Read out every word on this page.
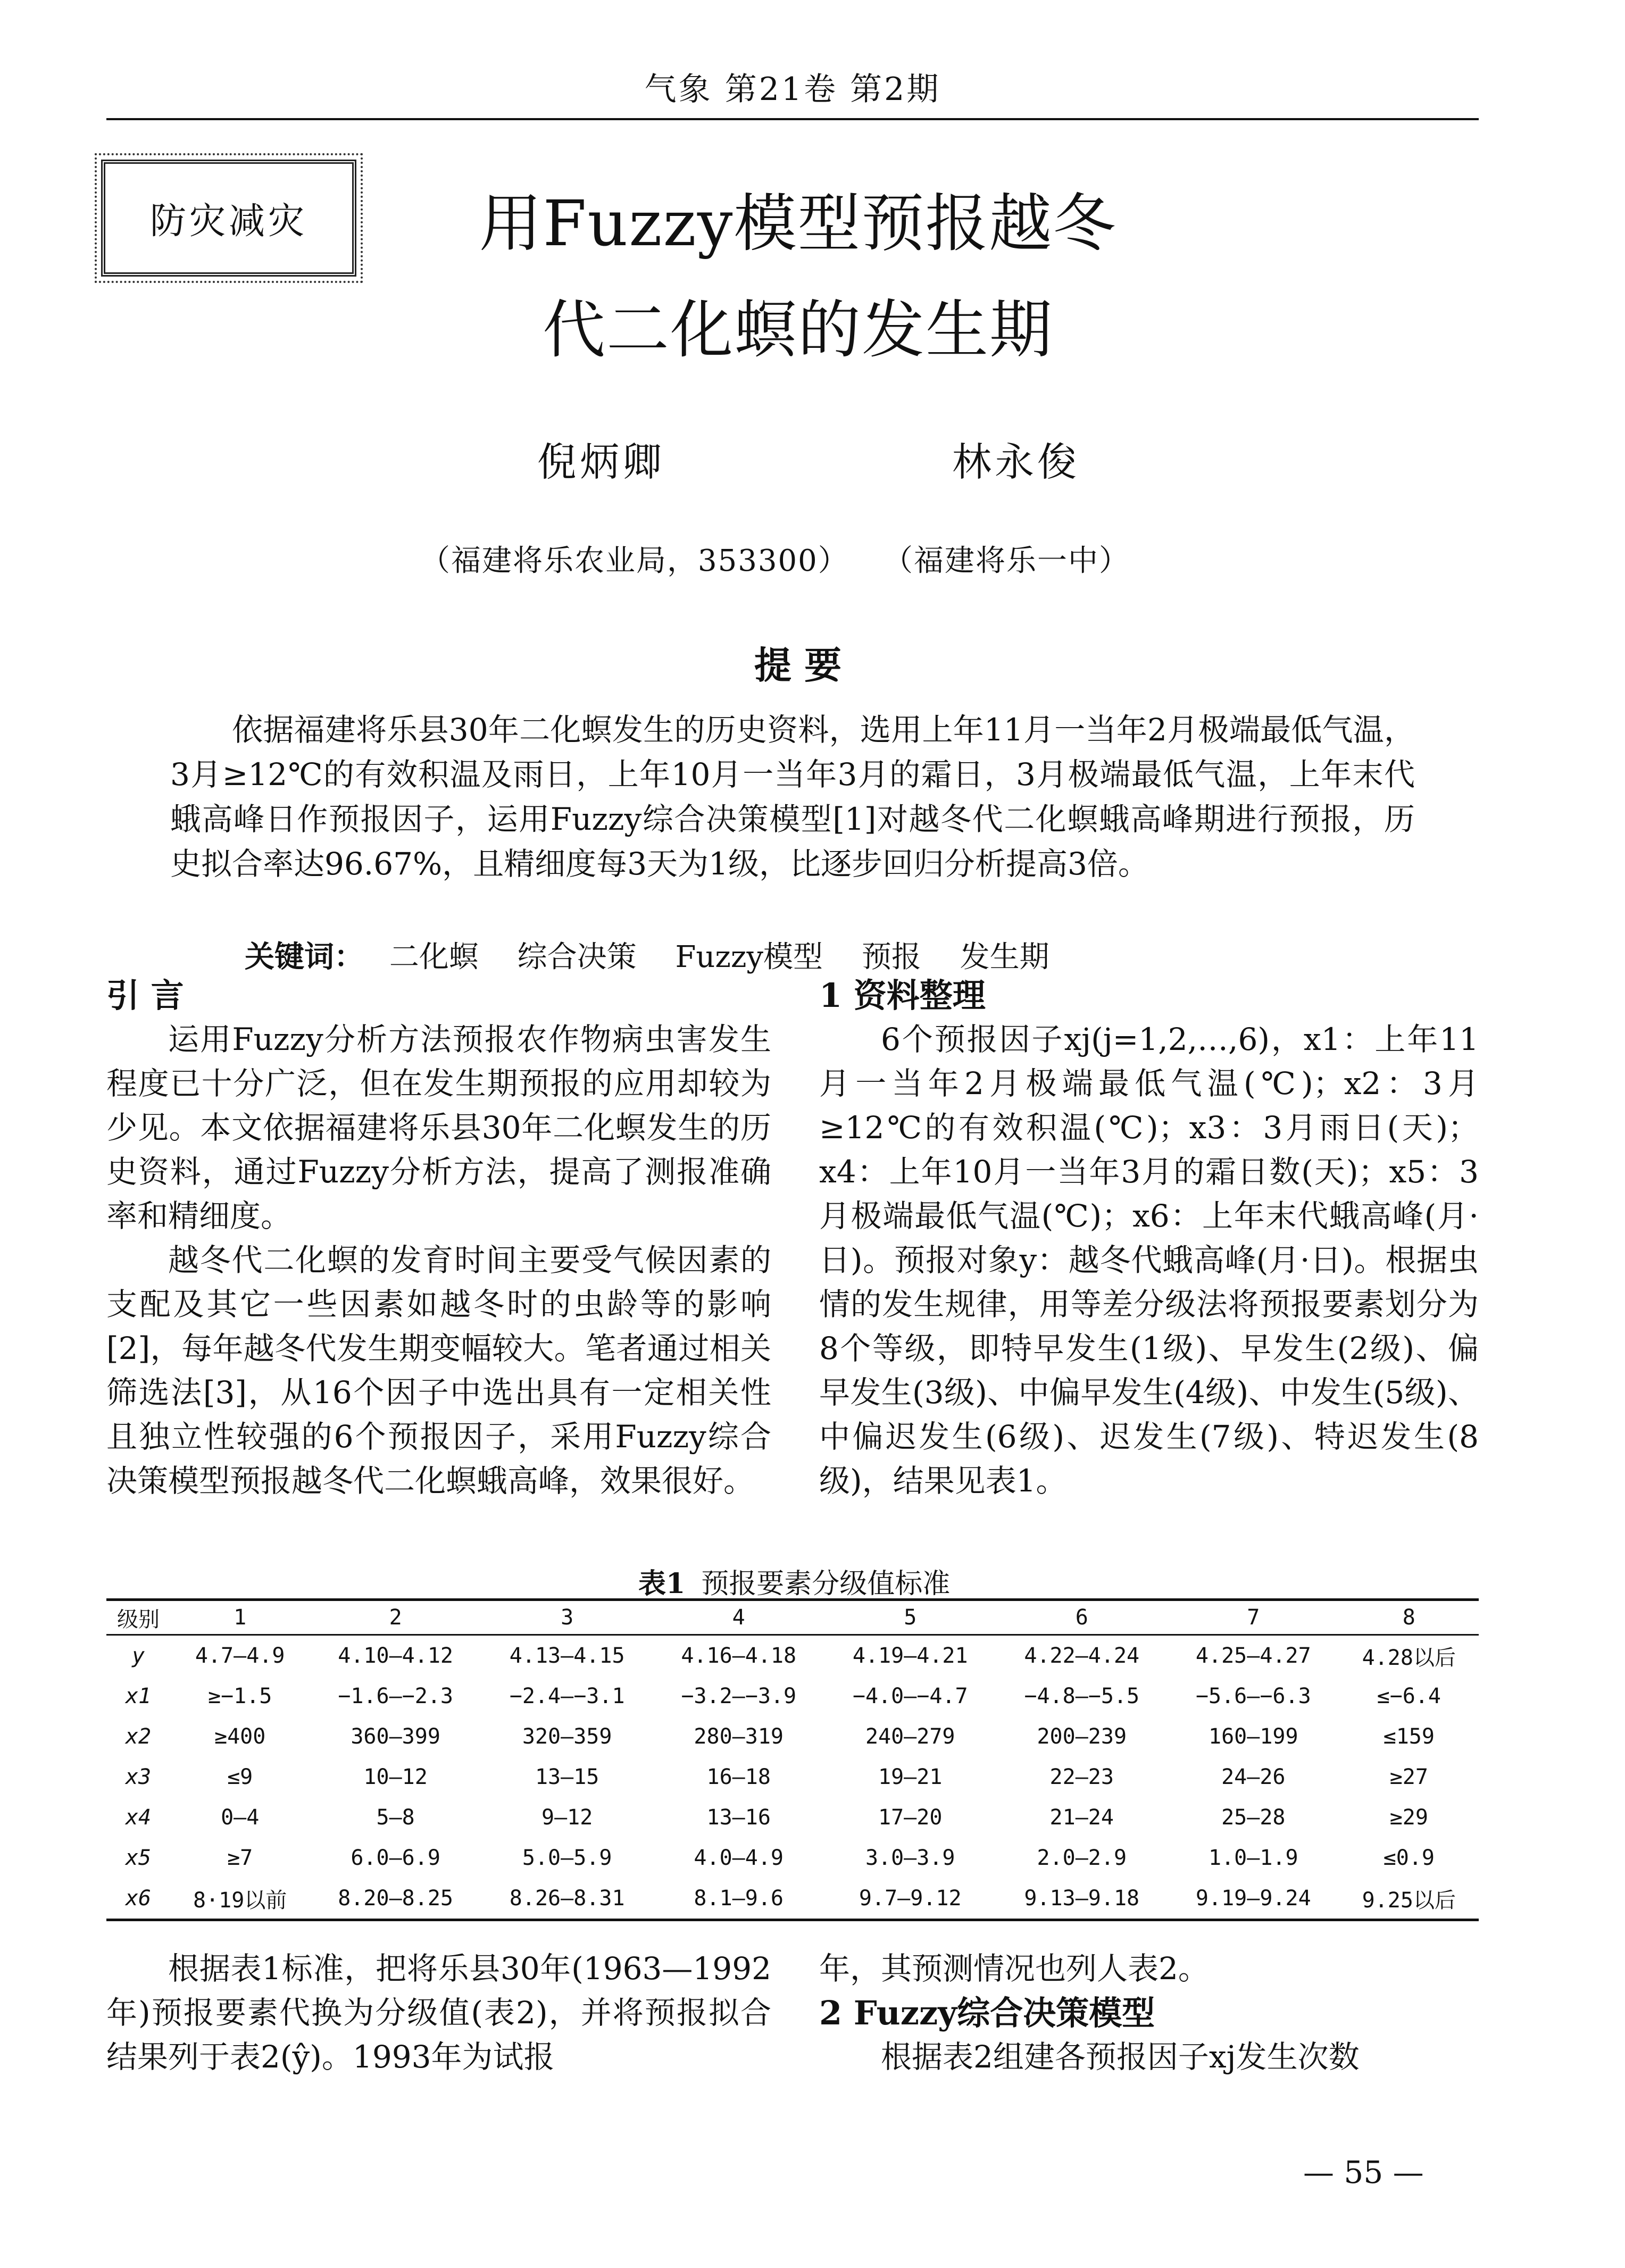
气象 第21卷 第2期
防灾减灾	用Fuzzy模型预报越冬
代二化螟的发生期
倪炳卿	林永俊
（福建将乐农业局，353300） （福建将乐一中）
提 要
依据福建将乐县30年二化螟发生的历史资料，选用上年11月一当年2月极端最低气温，3月≥12℃的有效积温及雨日，上年10月一当年3月的霜日，3月极端最低气温，上年末代蛾高峰日作预报因子，运用Fuzzy综合决策模型[1]对越冬代二化螟蛾高峰期进行预报，历史拟合率达96.67%，且精细度每3天为1级，比逐步回归分析提高3倍。
关键词： 二化螟 综合决策 Fuzzy模型 预报 发生期

引 言

运用Fuzzy分析方法预报农作物病虫害发生程度已十分广泛，但在发生期预报的应用却较为少见。本文依据福建将乐县30年二化螟发生的历史资料，通过Fuzzy分析方法，提高了测报准确率和精细度。

越冬代二化螟的发育时间主要受气候因素的支配及其它一些因素如越冬时的虫龄等的影响[2]，每年越冬代发生期变幅较大。笔者通过相关筛选法[3]，从16个因子中选出具有一定相关性且独立性较强的6个预报因子，采用Fuzzy综合决策模型预报越冬代二化螟蛾高峰，效果很好。

1 资料整理

6个预报因子xj(j=1,2,…,6)，x1：上年11月一当年2月极端最低气温(℃)；x2：3月≥12℃的有效积温(℃)；x3：3月雨日(天)；x4：上年10月一当年3月的霜日数(天)；x5：3月极端最低气温(℃)；x6：上年末代蛾高峰(月·日)。预报对象y：越冬代蛾高峰(月·日)。根据虫情的发生规律，用等差分级法将预报要素划分为8个等级，即特早发生(1级)、早发生(2级)、偏早发生(3级)、中偏早发生(4级)、中发生(5级)、中偏迟发生(6级)、迟发生(7级)、特迟发生(8级)，结果见表1。

表1 预报要素分级值标准
级别	1	2	3	4	5	6	7	8
y	4.7—4.9	4.10—4.12	4.13—4.15	4.16—4.18	4.19—4.21	4.22—4.24	4.25—4.27	4.28以后
x1	≥−1.5	−1.6—−2.3	−2.4—−3.1	−3.2—−3.9	−4.0—−4.7	−4.8—−5.5	−5.6—−6.3	≤−6.4
x2	≥400	360—399	320—359	280—319	240—279	200—239	160—199	≤159
x3	≤9	10—12	13—15	16—18	19—21	22—23	24—26	≥27
x4	0—4	5—8	9—12	13—16	17—20	21—24	25—28	≥29
x5	≥7	6.0—6.9	5.0—5.9	4.0—4.9	3.0—3.9	2.0—2.9	1.0—1.9	≤0.9
x6	8·19以前	8.20—8.25	8.26—8.31	8.1—9.6	9.7—9.12	9.13—9.18	9.19—9.24	9.25以后

根据表1标准，把将乐县30年(1963—1992年)预报要素代换为分级值(表2)，并将预报拟合结果列于表2(ŷ)。1993年为试报

年，其预测情况也列人表2。

2 Fuzzy综合决策模型

根据表2组建各预报因子xj发生次数

— 55 —
